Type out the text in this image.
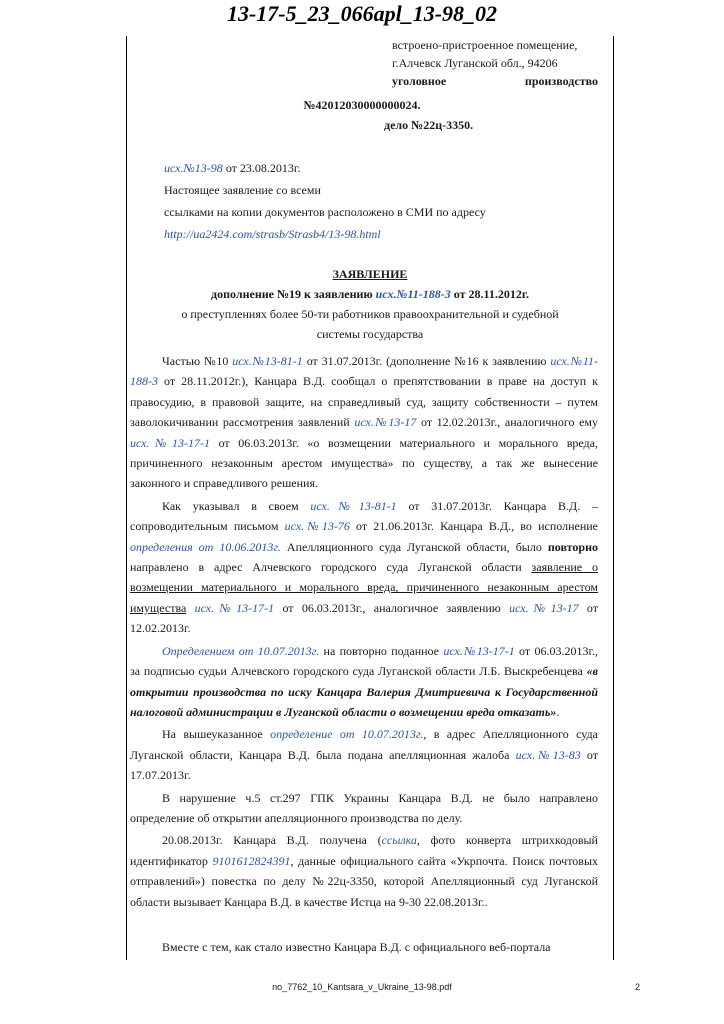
13-17-5_23_066apl_13-98_02
встроено-пристроенное помещение,
г.Алчевск Луганской обл., 94206
уголовное	производство
№42012030000000024.
дело №22ц-3350.
исх.№13-98 от 23.08.2013г.
Настоящее заявление со всеми
ссылками на копии документов расположено в СМИ по адресу
http://ua2424.com/strasb/Strasb4/13-98.html
ЗАЯВЛЕНИЕ
дополнение №19 к заявлению исх.№11-188-3 от 28.11.2012г.
о преступлениях более 50-ти работников правоохранительной и судебной
системы государства

Частью №10 исх.№13-81-1 от 31.07.2013г. (дополнение №16 к заявлению исх.№11-188-3 от 28.11.2012г.), Канцара В.Д. сообщал о препятствовании в праве на доступ к правосудию, в правовой защите, на справедливый суд, защиту собственности – путем заволокичивании рассмотрения заявлений исх.№13-17 от 12.02.2013г., аналогичного ему исх.№13-17-1 от 06.03.2013г. «о возмещении материального и морального вреда, причиненного незаконным арестом имущества» по существу, а так же вынесение законного и справедливого решения.

Как указывал в своем исх.№13-81-1 от 31.07.2013г. Канцара В.Д. – сопроводительным письмом исх.№13-76 от 21.06.2013г. Канцара В.Д., во исполнение определения от 10.06.2013г. Апелляционного суда Луганской области, было повторно направлено в адрес Алчевского городского суда Луганской области заявление о возмещении материального и морального вреда, причиненного незаконным арестом имущества исх.№13-17-1 от 06.03.2013г., аналогичное заявлению исх.№13-17 от 12.02.2013г.

Определением от 10.07.2013г. на повторно поданное исх.№13-17-1 от 06.03.2013г., за подписью судьи Алчевского городского суда Луганской области Л.Б. Выскребенцева «в открытии производства по иску Канцара Валерия Дмитриевича к Государственной налоговой администрации в Луганской области о возмещении вреда отказать».

На вышеуказанное определение от 10.07.2013г., в адрес Апелляционного суда Луганской области, Канцара В.Д. была подана апелляционная жалоба исх.№13-83 от 17.07.2013г.

В нарушение ч.5 ст.297 ГПК Украины Канцара В.Д. не было направлено определение об открытии апелляционного производства по делу.

20.08.2013г. Канцара В.Д. получена (ссылка, фото конверта штрихкодовый идентификатор 9101612824391, данные официального сайта «Укрпочта. Поиск почтовых отправлений») повестка по делу №22ц-3350, которой Апелляционный суд Луганской области вызывает Канцара В.Д. в качестве Истца на 9-30 22.08.2013г..

Вместе с тем, как стало известно Канцара В.Д. с официального веб-портала
no_7762_10_Kantsara_v_Ukraine_13-98.pdf	2
